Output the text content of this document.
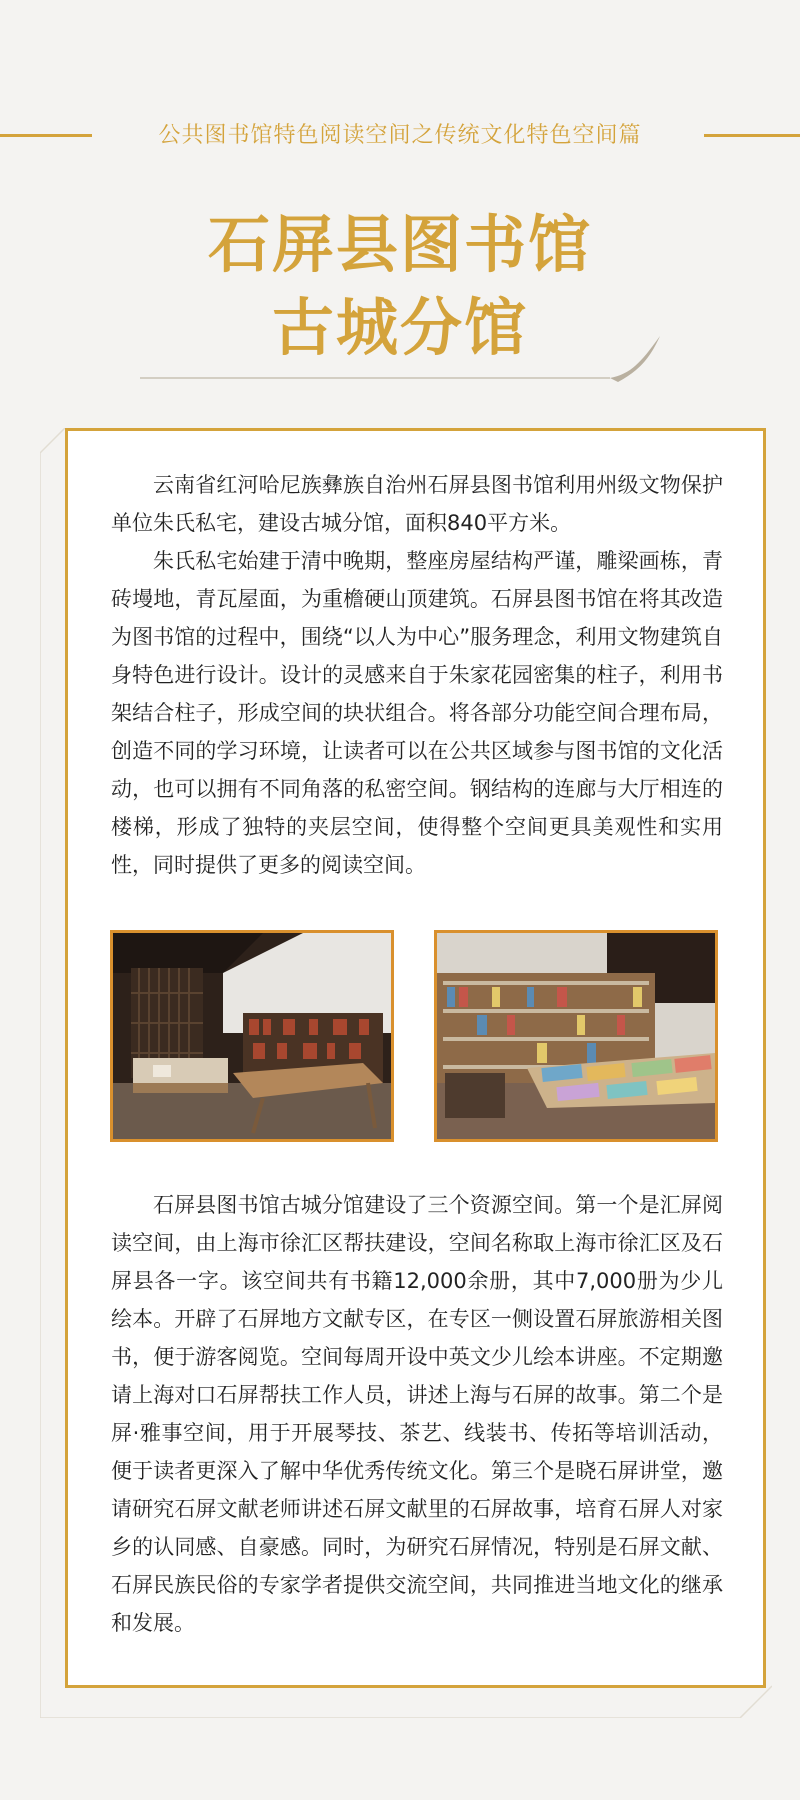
公共图书馆特色阅读空间之传统文化特色空间篇
石屏县图书馆
古城分馆

云南省红河哈尼族彝族自治州石屏县图书馆利用州级文物保护单位朱氏私宅，建设古城分馆，面积840平方米。

朱氏私宅始建于清中晚期，整座房屋结构严谨，雕梁画栋，青砖墁地，青瓦屋面，为重檐硬山顶建筑。石屏县图书馆在将其改造为图书馆的过程中，围绕“以人为中心”服务理念，利用文物建筑自身特色进行设计。设计的灵感来自于朱家花园密集的柱子，利用书架结合柱子，形成空间的块状组合。将各部分功能空间合理布局，创造不同的学习环境，让读者可以在公共区域参与图书馆的文化活动，也可以拥有不同角落的私密空间。钢结构的连廊与大厅相连的楼梯，形成了独特的夹层空间，使得整个空间更具美观性和实用性，同时提供了更多的阅读空间。

石屏县图书馆古城分馆建设了三个资源空间。第一个是汇屏阅读空间，由上海市徐汇区帮扶建设，空间名称取上海市徐汇区及石屏县各一字。该空间共有书籍12,000余册，其中7,000册为少儿绘本。开辟了石屏地方文献专区，在专区一侧设置石屏旅游相关图书，便于游客阅览。空间每周开设中英文少儿绘本讲座。不定期邀请上海对口石屏帮扶工作人员，讲述上海与石屏的故事。第二个是屏·雅事空间，用于开展琴技、茶艺、线装书、传拓等培训活动，便于读者更深入了解中华优秀传统文化。第三个是晓石屏讲堂，邀请研究石屏文献老师讲述石屏文献里的石屏故事，培育石屏人对家乡的认同感、自豪感。同时，为研究石屏情况，特别是石屏文献、石屏民族民俗的专家学者提供交流空间，共同推进当地文化的继承和发展。
